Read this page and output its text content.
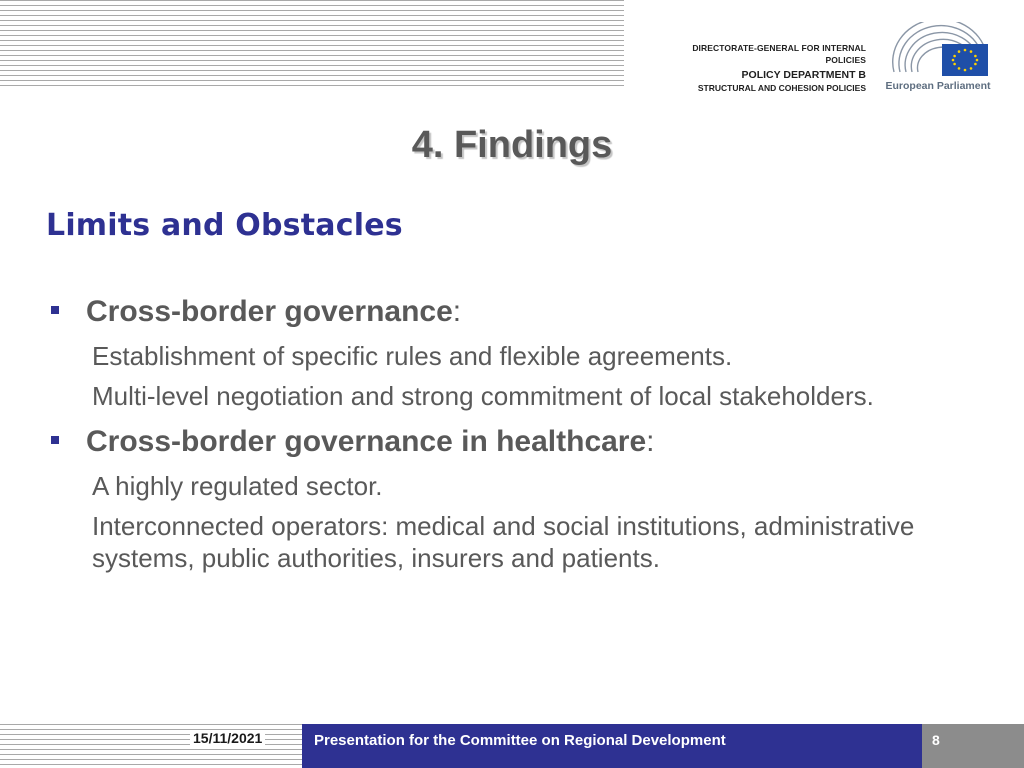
DIRECTORATE-GENERAL FOR INTERNAL POLICIES
POLICY DEPARTMENT B
STRUCTURAL AND COHESION POLICIES	European Parliament
4. Findings
Limits and Obstacles
Cross-border governance:
Establishment of specific rules and flexible agreements.
Multi-level negotiation and strong commitment of local stakeholders.
Cross-border governance in healthcare:
A highly regulated sector.
Interconnected operators: medical and social institutions, administrative systems, public authorities, insurers and patients.
15/11/2021	Presentation for the Committee on Regional Development	8
